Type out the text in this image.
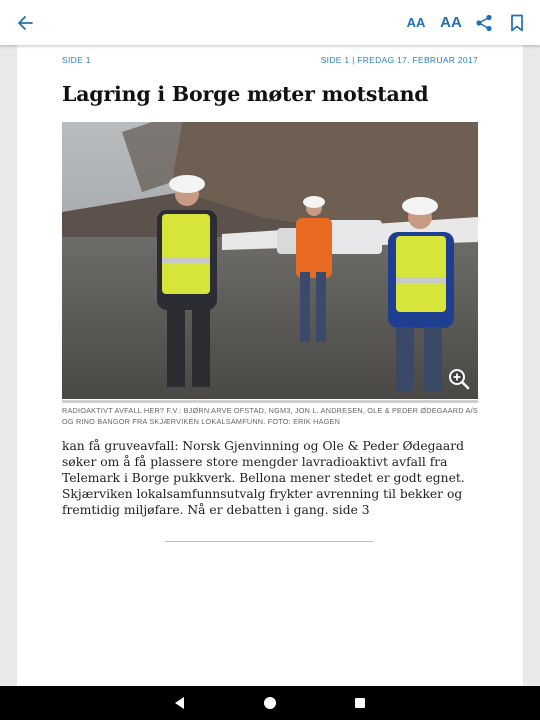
AA AA
SIDE 1	SIDE 1 | FREDAG 17. FEBRUAR 2017
Lagring i Borge møter motstand
RADIOAKTIVT AVFALL HER? F.V.: BJØRN ARVE OFSTAD, NGM3, JON L. ANDRESEN, OLE & PEDER ØDEGAARD A/S OG RINO BANGOR FRA SKJÆRVIKEN LOKALSAMFUNN. FOTO: ERIK HAGEN

kan få gruveavfall: Norsk Gjenvinning og Ole & Peder Ødegaard søker om å få plassere store mengder lavradioaktivt avfall fra Telemark i Borge pukkverk. Bellona mener stedet er godt egnet. Skjærviken lokalsamfunnsutvalg frykter avrenning til bekker og fremtidig miljøfare. Nå er debatten i gang. side 3
